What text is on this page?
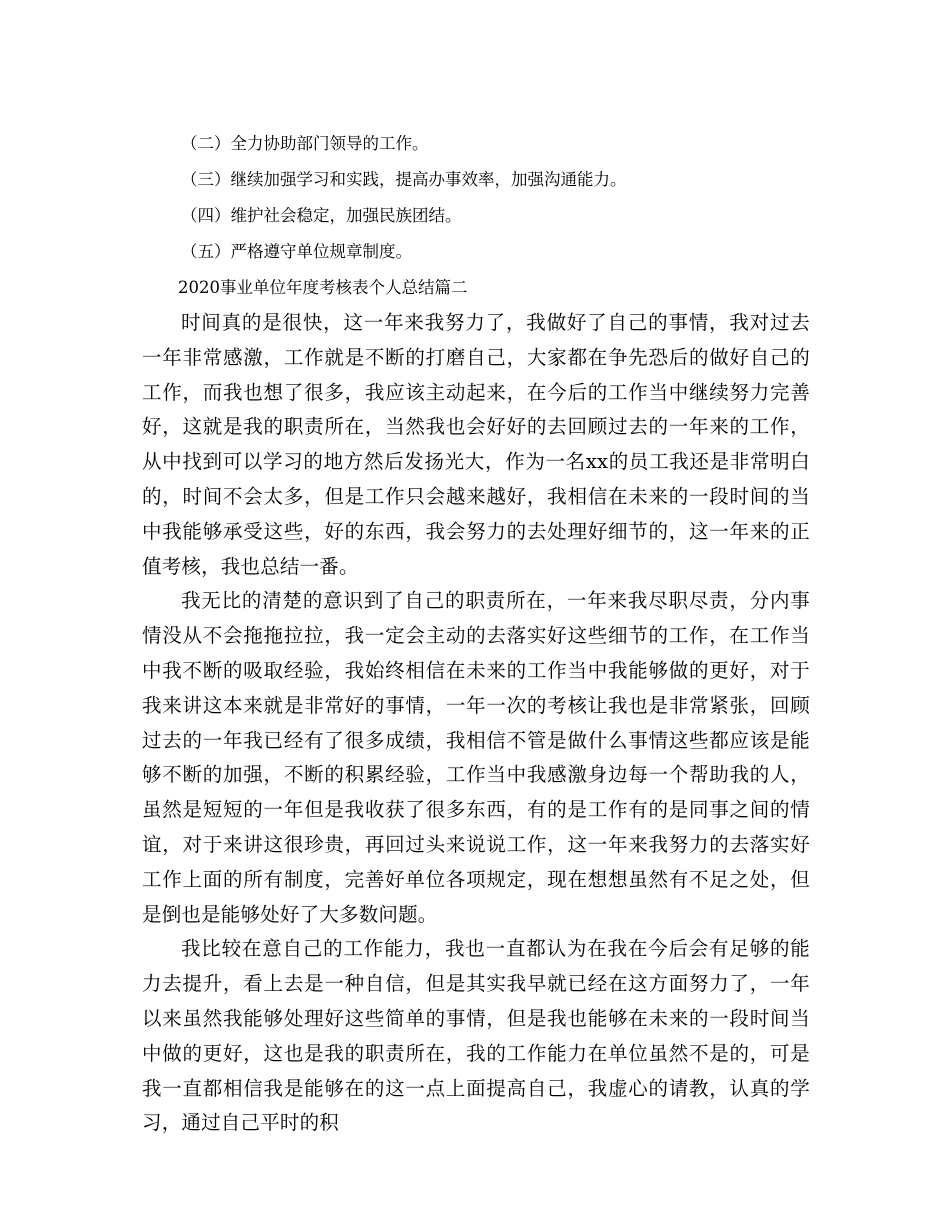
（二）全力协助部门领导的工作。

（三）继续加强学习和实践，提高办事效率，加强沟通能力。

（四）维护社会稳定，加强民族团结。

（五）严格遵守单位规章制度。

2020事业单位年度考核表个人总结篇二

时间真的是很快，这一年来我努力了，我做好了自己的事情，我对过去一年非常感激，工作就是不断的打磨自己，大家都在争先恐后的做好自己的工作，而我也想了很多，我应该主动起来，在今后的工作当中继续努力完善好，这就是我的职责所在，当然我也会好好的去回顾过去的一年来的工作，从中找到可以学习的地方然后发扬光大，作为一名xx的员工我还是非常明白的，时间不会太多，但是工作只会越来越好，我相信在未来的一段时间的当中我能够承受这些，好的东西，我会努力的去处理好细节的，这一年来的正值考核，我也总结一番。

我无比的清楚的意识到了自己的职责所在，一年来我尽职尽责，分内事情没从不会拖拖拉拉，我一定会主动的去落实好这些细节的工作，在工作当中我不断的吸取经验，我始终相信在未来的工作当中我能够做的更好，对于我来讲这本来就是非常好的事情，一年一次的考核让我也是非常紧张，回顾过去的一年我已经有了很多成绩，我相信不管是做什么事情这些都应该是能够不断的加强，不断的积累经验，工作当中我感激身边每一个帮助我的人，虽然是短短的一年但是我收获了很多东西，有的是工作有的是同事之间的情谊，对于来讲这很珍贵，再回过头来说说工作，这一年来我努力的去落实好工作上面的所有制度，完善好单位各项规定，现在想想虽然有不足之处，但是倒也是能够处好了大多数问题。

我比较在意自己的工作能力，我也一直都认为在我在今后会有足够的能力去提升，看上去是一种自信，但是其实我早就已经在这方面努力了，一年以来虽然我能够处理好这些简单的事情，但是我也能够在未来的一段时间当中做的更好，这也是我的职责所在，我的工作能力在单位虽然不是的，可是我一直都相信我是能够在的这一点上面提高自己，我虚心的请教，认真的学习，通过自己平时的积
